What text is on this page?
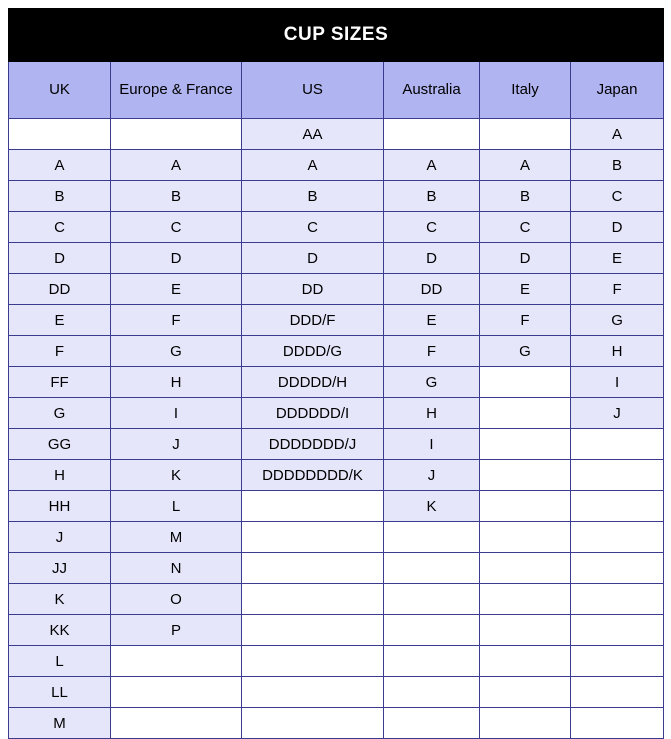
CUP SIZES					
UK	Europe & France	US	Australia	Italy	Japan
		AA			A
A	A	A	A	A	B
B	B	B	B	B	C
C	C	C	C	C	D
D	D	D	D	D	E
DD	E	DD	DD	E	F
E	F	DDD/F	E	F	G
F	G	DDDD/G	F	G	H
FF	H	DDDDD/H	G		I
G	I	DDDDDD/I	H		J
GG	J	DDDDDDD/J	I		
H	K	DDDDDDDD/K	J		
HH	L		K		
J	M				
JJ	N				
K	O				
KK	P				
L					
LL					
M					
